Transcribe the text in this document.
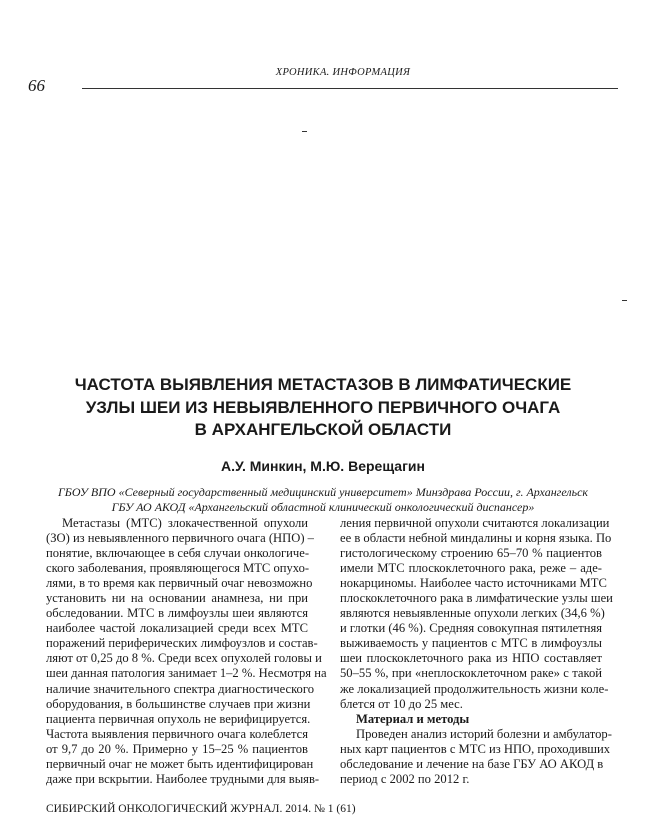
ХРОНИКА. ИНФОРМАЦИЯ
66
ЧАСТОТА ВЫЯВЛЕНИЯ МЕТАСТАЗОВ В ЛИМФАТИЧЕСКИЕ
УЗЛЫ ШЕИ ИЗ НЕВЫЯВЛЕННОГО ПЕРВИЧНОГО ОЧАГА
В АРХАНГЕЛЬСКОЙ ОБЛАСТИ
А.У. Минкин, М.Ю. Верещагин
ГБОУ ВПО «Северный государственный медицинский университет» Минздрава России, г. Архангельск
ГБУ АО АКОД «Архангельский областной клинический онкологический диспансер»
Метастазы (МТС) злокачественной опухоли
(ЗО) из невыявленного первичного очага (НПО) –
понятие, включающее в себя случаи онкологиче-
ского заболевания, проявляющегося МТС опухо-
лями, в то время как первичный очаг невозможно
установить ни на основании анамнеза, ни при
обследовании. МТС в лимфоузлы шеи являются
наиболее частой локализацией среди всех МТС
поражений периферических лимфоузлов и состав-
ляют от 0,25 до 8 %. Среди всех опухолей головы и
шеи данная патология занимает 1–2 %. Несмотря на
наличие значительного спектра диагностического
оборудования, в большинстве случаев при жизни
пациента первичная опухоль не верифицируется.
Частота выявления первичного очага колеблется
от 9,7 до 20 %. Примерно у 15–25 % пациентов
первичный очаг не может быть идентифицирован
даже при вскрытии. Наиболее трудными для выяв-
ления первичной опухоли считаются локализации
ее в области небной миндалины и корня языка. По
гистологическому строению 65–70 % пациентов
имели МТС плоскоклеточного рака, реже – аде-
нокарциномы. Наиболее часто источниками МТС
плоскоклеточного рака в лимфатические узлы шеи
являются невыявленные опухоли легких (34,6 %)
и глотки (46 %). Средняя совокупная пятилетняя
выживаемость у пациентов с МТС в лимфоузлы
шеи плоскоклеточного рака из НПО составляет
50–55 %, при «неплоскоклеточном раке» с такой
же локализацией продолжительность жизни коле-
блется от 10 до 25 мес.
Материал и методы
Проведен анализ историй болезни и амбулатор-
ных карт пациентов с МТС из НПО, проходивших
обследование и лечение на базе ГБУ АО АКОД в
период с 2002 по 2012 г.
СИБИРСКИЙ ОНКОЛОГИЧЕСКИЙ ЖУРНАЛ. 2014. № 1 (61)
